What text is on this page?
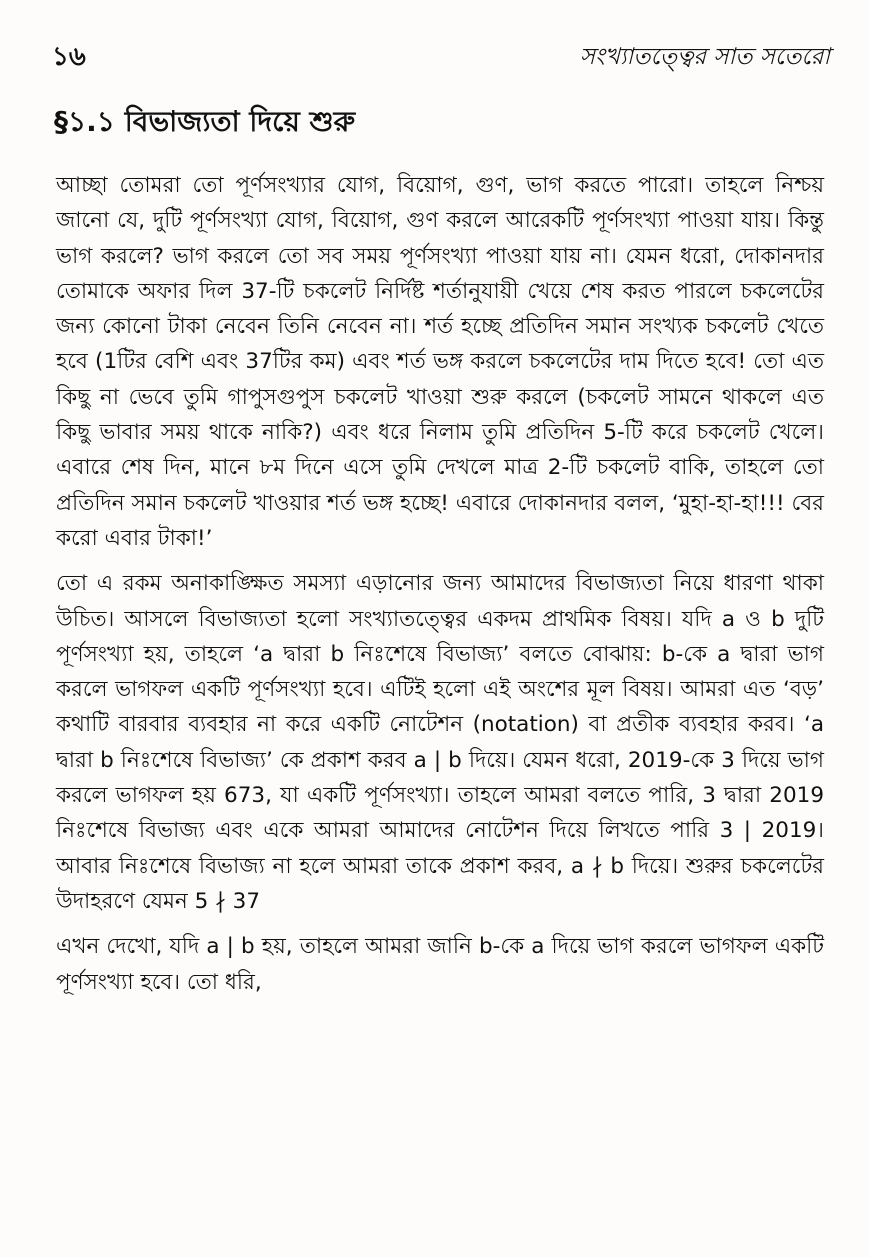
১৬	সংখ্যাতত্ত্বের সাত সতেরো
§১.১ বিভাজ্যতা দিয়ে শুরু

আচ্ছা তোমরা তো পূর্ণসংখ্যার যোগ, বিয়োগ, গুণ, ভাগ করতে পারো। তাহলে নিশ্চয় জানো যে, দুটি পূর্ণসংখ্যা যোগ, বিয়োগ, গুণ করলে আরেকটি পূর্ণসংখ্যা পাওয়া যায়। কিন্তু ভাগ করলে? ভাগ করলে তো সব সময় পূর্ণসংখ্যা পাওয়া যায় না। যেমন ধরো, দোকানদার তোমাকে অফার দিল 37-টি চকলেট নির্দিষ্ট শর্তানুযায়ী খেয়ে শেষ করত পারলে চকলেটের জন্য কোনো টাকা নেবেন তিনি নেবেন না। শর্ত হচ্ছে প্রতিদিন সমান সংখ্যক চকলেট খেতে হবে (1টির বেশি এবং 37টির কম) এবং শর্ত ভঙ্গ করলে চকলেটের দাম দিতে হবে! তো এত কিছু না ভেবে তুমি গাপুসগুপুস চকলেট খাওয়া শুরু করলে (চকলেট সামনে থাকলে এত কিছু ভাবার সময় থাকে নাকি?) এবং ধরে নিলাম তুমি প্রতিদিন 5-টি করে চকলেট খেলে। এবারে শেষ দিন, মানে ৮ম দিনে এসে তুমি দেখলে মাত্র 2-টি চকলেট বাকি, তাহলে তো প্রতিদিন সমান চকলেট খাওয়ার শর্ত ভঙ্গ হচ্ছে! এবারে দোকানদার বলল, ‘মুহা-হা-হা!!! বের করো এবার টাকা!’

তো এ রকম অনাকাঙ্ক্ষিত সমস্যা এড়ানোর জন্য আমাদের বিভাজ্যতা নিয়ে ধারণা থাকা উচিত। আসলে বিভাজ্যতা হলো সংখ্যাতত্ত্বের একদম প্রাথমিক বিষয়। যদি a ও b দুটি পূর্ণসংখ্যা হয়, তাহলে ‘a দ্বারা b নিঃশেষে বিভাজ্য’ বলতে বোঝায়: b-কে a দ্বারা ভাগ করলে ভাগফল একটি পূর্ণসংখ্যা হবে। এটিই হলো এই অংশের মূল বিষয়। আমরা এত ‘বড়’ কথাটি বারবার ব্যবহার না করে একটি নোটেশন (notation) বা প্রতীক ব্যবহার করব। ‘a দ্বারা b নিঃশেষে বিভাজ্য’ কে প্রকাশ করব a | b দিয়ে। যেমন ধরো, 2019-কে 3 দিয়ে ভাগ করলে ভাগফল হয় 673, যা একটি পূর্ণসংখ্যা। তাহলে আমরা বলতে পারি, 3 দ্বারা 2019 নিঃশেষে বিভাজ্য এবং একে আমরা আমাদের নোটেশন দিয়ে লিখতে পারি 3 | 2019। আবার নিঃশেষে বিভাজ্য না হলে আমরা তাকে প্রকাশ করব, a ∤ b দিয়ে। শুরুর চকলেটের উদাহরণে যেমন 5 ∤ 37

এখন দেখো, যদি a | b হয়, তাহলে আমরা জানি b-কে a দিয়ে ভাগ করলে ভাগফল একটি পূর্ণসংখ্যা হবে। তো ধরি,
